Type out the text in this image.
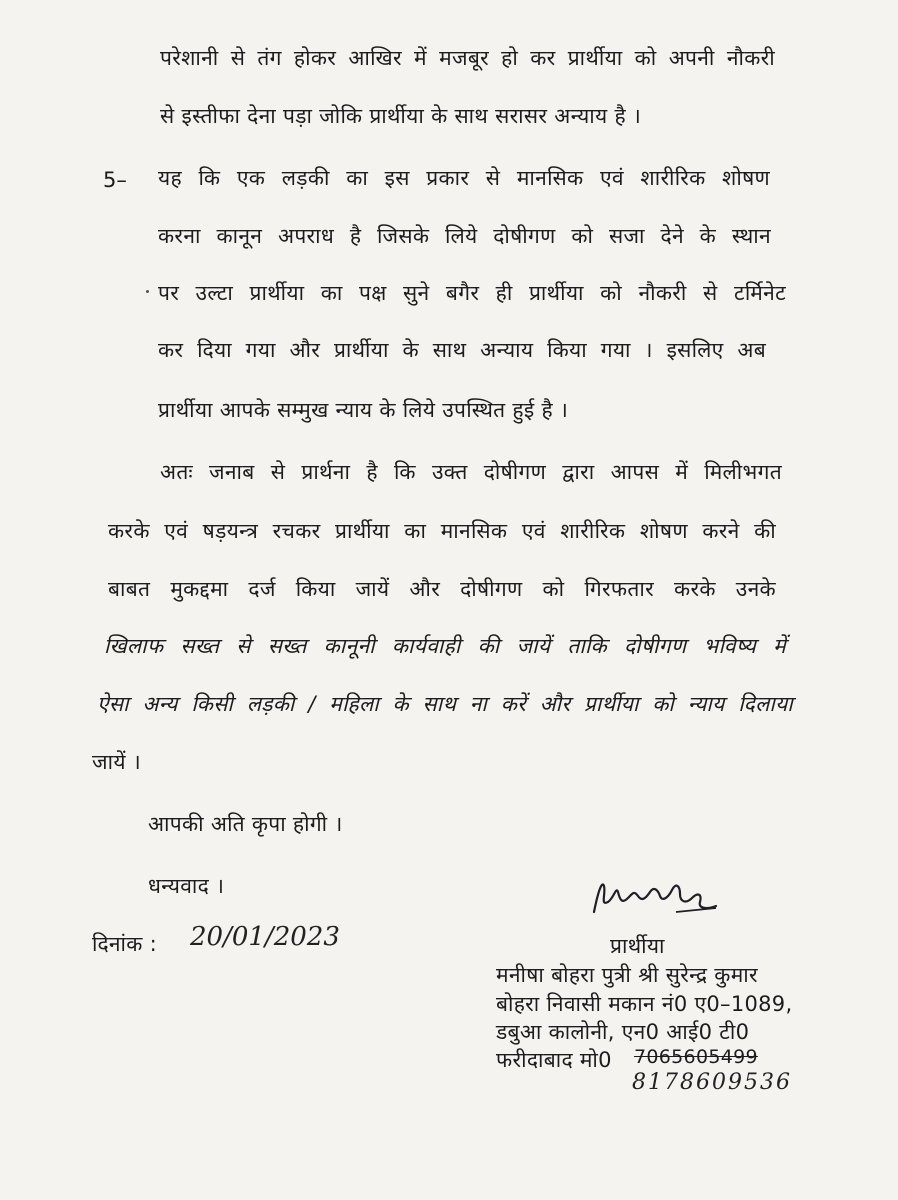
परेशानी से तंग होकर आखिर में मजबूर हो कर प्रार्थीया को अपनी नौकरी
से इस्तीफा देना पड़ा जोकि प्रार्थीया के साथ सरासर अन्याय है ।
5– यह कि एक लड़की का इस प्रकार से मानसिक एवं शारीरिक शोषण
करना कानून अपराध है जिसके लिये दोषीगण को सजा देने के स्थान
पर उल्टा प्रार्थीया का पक्ष सुने बगैर ही प्रार्थीया को नौकरी से टर्मिनेट
कर दिया गया और प्रार्थीया के साथ अन्याय किया गया । इसलिए अब
प्रार्थीया आपके सम्मुख न्याय के लिये उपस्थित हुई है ।
अतः जनाब से प्रार्थना है कि उक्त दोषीगण द्वारा आपस में मिलीभगत
करके एवं षड़यन्त्र रचकर प्रार्थीया का मानसिक एवं शारीरिक शोषण करने की
बाबत मुकद्दमा दर्ज किया जायें और दोषीगण को गिरफतार करके उनके
खिलाफ सख्त से सख्त कानूनी कार्यवाही की जायें ताकि दोषीगण भविष्य में
ऐसा अन्य किसी लड़की / महिला के साथ ना करें और प्रार्थीया को न्याय दिलाया
जायें ।
आपकी अति कृपा होगी ।
धन्यवाद ।
दिनांक : 20/01/2023	प्रार्थीया
मनीषा बोहरा पुत्री श्री सुरेन्द्र कुमार
बोहरा निवासी मकान नं0 ए0–1089,
डबुआ कालोनी, एन0 आई0 टी0
फरीदाबाद मो0 7065605499
8178609536
